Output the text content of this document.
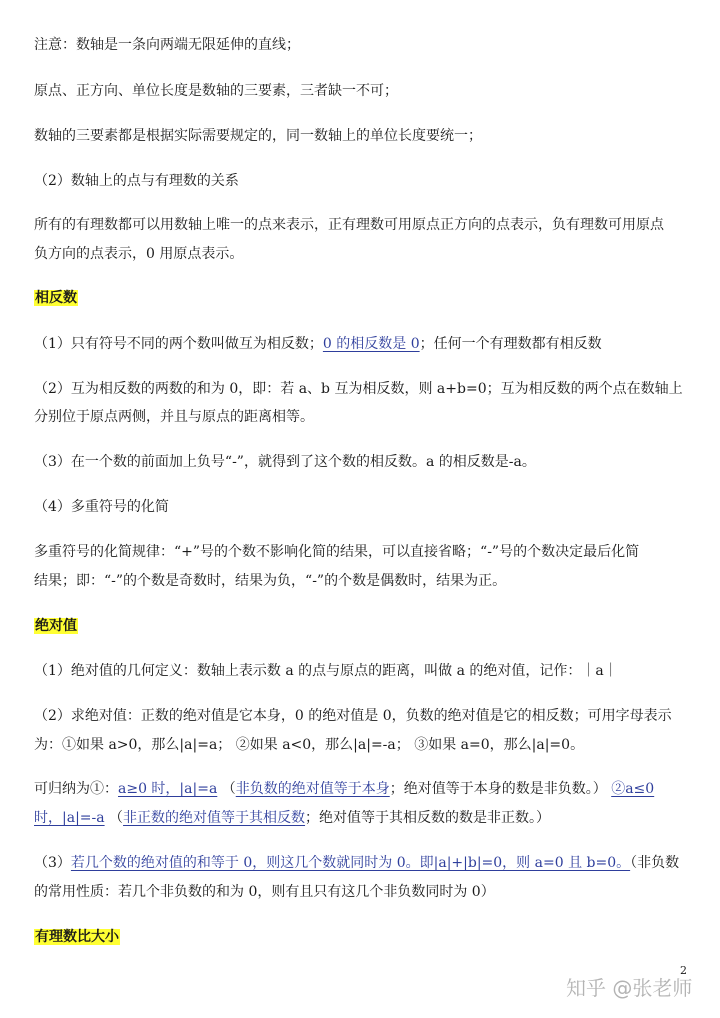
注意：数轴是一条向两端无限延伸的直线；
原点、正方向、单位长度是数轴的三要素，三者缺一不可；
数轴的三要素都是根据实际需要规定的，同一数轴上的单位长度要统一；
（2）数轴上的点与有理数的关系
所有的有理数都可以用数轴上唯一的点来表示，正有理数可用原点正方向的点表示，负有理数可用原点
负方向的点表示，0 用原点表示。
相反数
（1）只有符号不同的两个数叫做互为相反数；0 的相反数是 0；任何一个有理数都有相反数
（2）互为相反数的两数的和为 0，即：若 a、b 互为相反数，则 a+b=0；互为相反数的两个点在数轴上
分别位于原点两侧，并且与原点的距离相等。
（3）在一个数的前面加上负号“-”，就得到了这个数的相反数。a 的相反数是-a。
（4）多重符号的化简
多重符号的化简规律：“+”号的个数不影响化简的结果，可以直接省略；“-”号的个数决定最后化简
结果；即：“-”的个数是奇数时，结果为负，“-”的个数是偶数时，结果为正。
绝对值
（1）绝对值的几何定义：数轴上表示数 a 的点与原点的距离，叫做 a 的绝对值，记作：｜a｜
（2）求绝对值：正数的绝对值是它本身，0 的绝对值是 0，负数的绝对值是它的相反数；可用字母表示
为：①如果 a>0，那么|a|=a； ②如果 a<0，那么|a|=-a； ③如果 a=0，那么|a|=0。
可归纳为①：a≥0 时，|a|=a （非负数的绝对值等于本身；绝对值等于本身的数是非负数。） ②a≤0
时，|a|=-a （非正数的绝对值等于其相反数；绝对值等于其相反数的数是非正数。）
（3）若几个数的绝对值的和等于 0，则这几个数就同时为 0。即|a|+|b|=0，则 a=0 且 b=0。（非负数
的常用性质：若几个非负数的和为 0，则有且只有这几个非负数同时为 0）
有理数比大小
2
知乎 @张老师
